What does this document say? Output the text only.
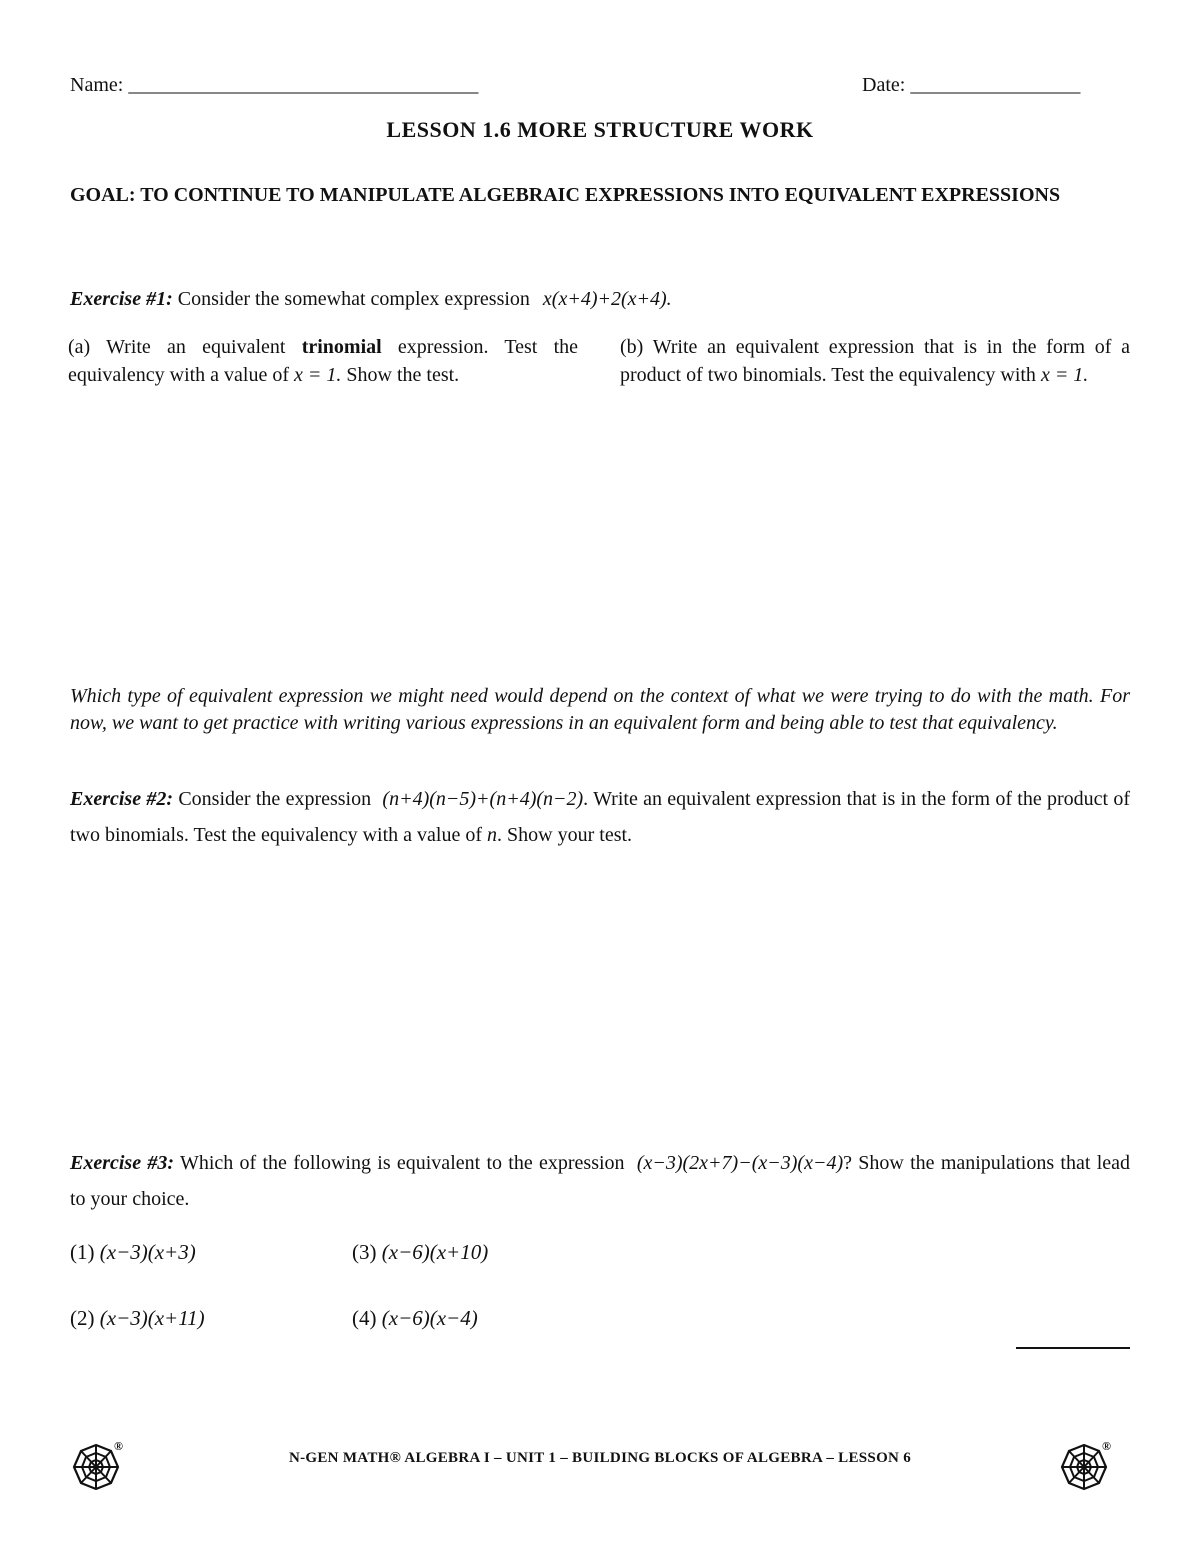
Name: ___________________________________	Date: _________________
LESSON 1.6 MORE STRUCTURE WORK
GOAL: TO CONTINUE TO MANIPULATE ALGEBRAIC EXPRESSIONS INTO EQUIVALENT EXPRESSIONS
Exercise #1: Consider the somewhat complex expression x(x+4)+2(x+4).
(a) Write an equivalent trinomial expression. Test the equivalency with a value of x = 1. Show the test.
(b) Write an equivalent expression that is in the form of a product of two binomials. Test the equivalency with x = 1.
Which type of equivalent expression we might need would depend on the context of what we were trying to do with the math. For now, we want to get practice with writing various expressions in an equivalent form and being able to test that equivalency.
Exercise #2: Consider the expression (n+4)(n−5)+(n+4)(n−2). Write an equivalent expression that is in the form of the product of two binomials. Test the equivalency with a value of n. Show your test.
Exercise #3: Which of the following is equivalent to the expression (x−3)(2x+7)−(x−3)(x−4)? Show the manipulations that lead to your choice.
(1) (x−3)(x+3)
(2) (x−3)(x+11)
(3) (x−6)(x+10)
(4) (x−6)(x−4)
N-GEN MATH® ALGEBRA I – UNIT 1 – BUILDING BLOCKS OF ALGEBRA – LESSON 6
®	®
